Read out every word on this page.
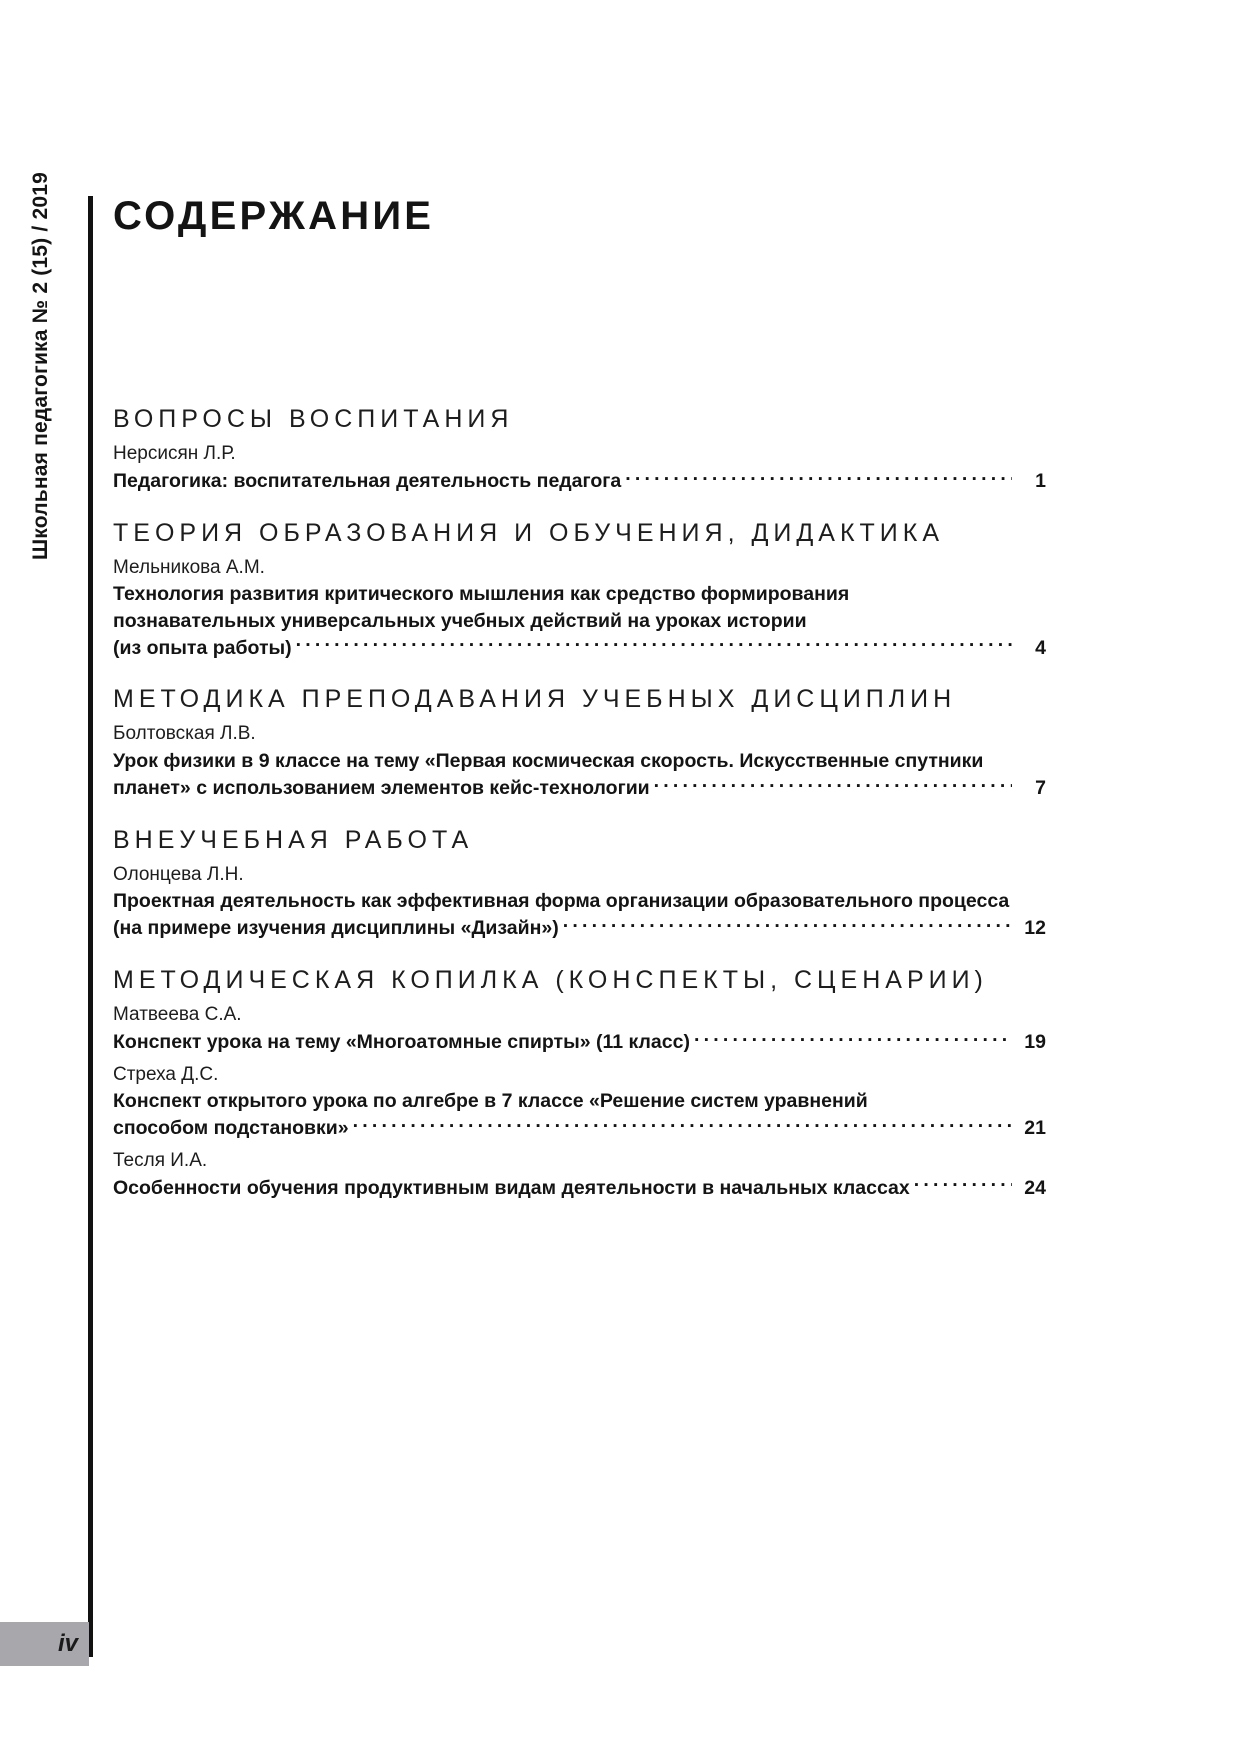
Школьная педагогика № 2 (15) / 2019
iv
СОДЕРЖАНИЕ
ВОПРОСЫ ВОСПИТАНИЯ
Нерсисян Л.Р.
Педагогика: воспитательная деятельность педагога .....	1
ТЕОРИЯ ОБРАЗОВАНИЯ И ОБУЧЕНИЯ, ДИДАКТИКА
Мельникова А.М.
Технология развития критического мышления как средство формирования
познавательных универсальных учебных действий на уроках истории
(из опыта работы) .....	4
МЕТОДИКА ПРЕПОДАВАНИЯ УЧЕБНЫХ ДИСЦИПЛИН
Болтовская Л.В.
Урок физики в 9 классе на тему «Первая космическая скорость. Искусственные спутники
планет» с использованием элементов кейс-технологии .....	7
ВНЕУЧЕБНАЯ РАБОТА
Олонцева Л.Н.
Проектная деятельность как эффективная форма организации образовательного процесса
(на примере изучения дисциплины «Дизайн») .....	12
МЕТОДИЧЕСКАЯ КОПИЛКА (КОНСПЕКТЫ, СЦЕНАРИИ)
Матвеева С.А.
Конспект урока на тему «Многоатомные спирты» (11 класс) .....	19
Стреха Д.С.
Конспект открытого урока по алгебре в 7 классе «Решение систем уравнений
способом подстановки» .....	21
Тесля И.А.
Особенности обучения продуктивным видам деятельности в начальных классах .....	24
